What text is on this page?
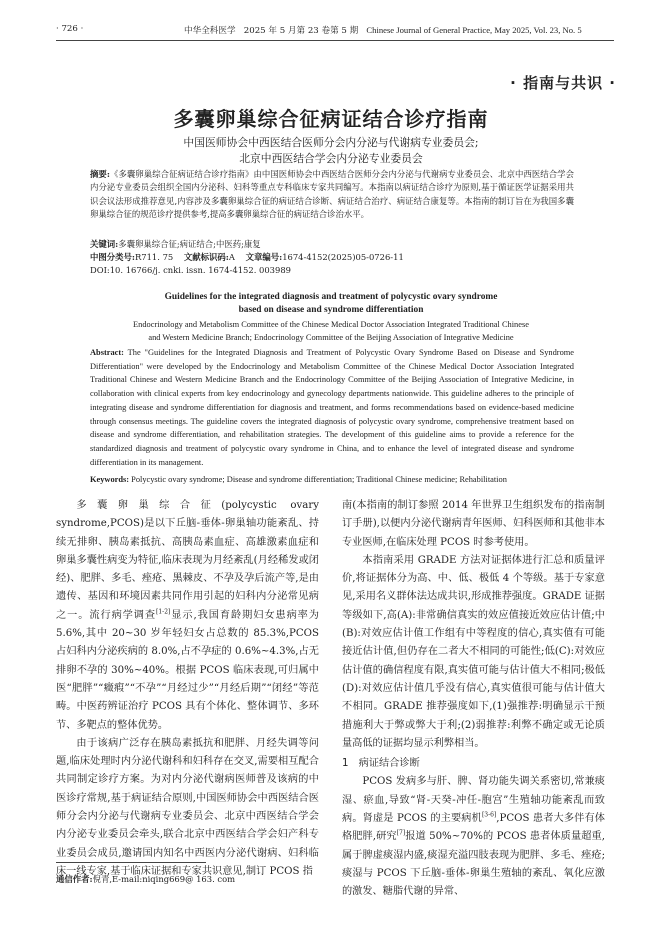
· 726 ·	中华全科医学 2025 年 5 月第 23 卷第 5 期 Chinese Journal of General Practice, May 2025, Vol. 23, No. 5
· 指南与共识 ·
多囊卵巢综合征病证结合诊疗指南
中国医师协会中西医结合医师分会内分泌与代谢病专业委员会;
北京中西医结合学会内分泌专业委员会
摘要:《多囊卵巢综合征病证结合诊疗指南》由中国医师协会中西医结合医师分会内分泌与代谢病专业委员会、北京中西医结合学会内分泌专业委员会组织全国内分泌科、妇科等重点专科临床专家共同编写。本指南以病证结合诊疗为原则,基于循证医学证据采用共识会议法形成推荐意见,内容涉及多囊卵巢综合征的病证结合诊断、病证结合治疗、病证结合康复等。本指南的制订旨在为我国多囊卵巢综合征的规范诊疗提供参考,提高多囊卵巢综合征的病证结合诊治水平。
关键词:多囊卵巢综合征;病证结合;中医药;康复
中图分类号:R711. 75 文献标识码:A 文章编号:1674-4152(2025)05-0726-11
DOI:10. 16766/j. cnki. issn. 1674-4152. 003989
Guidelines for the integrated diagnosis and treatment of polycystic ovary syndrome
based on disease and syndrome differentiation
Endocrinology and Metabolism Committee of the Chinese Medical Doctor Association Integrated Traditional Chinese
and Western Medicine Branch; Endocrinology Committee of the Beijing Association of Integrative Medicine
Abstract: The "Guidelines for the Integrated Diagnosis and Treatment of Polycystic Ovary Syndrome Based on Disease and Syndrome Differentiation" were developed by the Endocrinology and Metabolism Committee of the Chinese Medical Doctor Association Integrated Traditional Chinese and Western Medicine Branch and the Endocrinology Committee of the Beijing Association of Integrative Medicine, in collaboration with clinical experts from key endocrinology and gynecology departments nationwide. This guideline adheres to the principle of integrating disease and syndrome differentiation for diagnosis and treatment, and forms recommendations based on evidence-based medicine through consensus meetings. The guideline covers the integrated diagnosis of polycystic ovary syndrome, comprehensive treatment based on disease and syndrome differentiation, and rehabilitation strategies. The development of this guideline aims to provide a reference for the standardized diagnosis and treatment of polycystic ovary syndrome in China, and to enhance the level of integrated disease and syndrome differentiation in its management.
Keywords: Polycystic ovary syndrome; Disease and syndrome differentiation; Traditional Chinese medicine; Rehabilitation

多囊卵巢综合征(polycystic ovary syndrome,PCOS)是以下丘脑-垂体-卵巢轴功能紊乱、持续无排卵、胰岛素抵抗、高胰岛素血症、高雄激素血症和卵巢多囊性病变为特征,临床表现为月经紊乱(月经稀发或闭经)、肥胖、多毛、痤疮、黑棘皮、不孕及孕后流产等,是由遗传、基因和环境因素共同作用引起的妇科内分泌常见病之一。流行病学调查[1-2]显示,我国育龄期妇女患病率为 5.6%,其中 20~30 岁年轻妇女占总数的 85.3%,PCOS 占妇科内分泌疾病的 8.0%,占不孕症的 0.6%~4.3%,占无排卵不孕的 30%~40%。根据 PCOS 临床表现,可归属中医“肥胖”“癥瘕”“不孕”“月经过少”“月经后期”“闭经”等范畴。中医药辨证治疗 PCOS 具有个体化、整体调节、多环节、多靶点的整体优势。

由于该病广泛存在胰岛素抵抗和肥胖、月经失调等问题,临床处理时内分泌代谢科和妇科存在交叉,需要相互配合共同制定诊疗方案。为对内分泌代谢病医师普及该病的中医诊疗常规,基于病证结合原则,中国医师协会中西医结合医师分会内分泌与代谢病专业委员会、北京中西医结合学会内分泌专业委员会牵头,联合北京中西医结合学会妇产科专业委员会成员,邀请国内知名中西医内分泌代谢病、妇科临床一线专家,基于临床证据和专家共识意见,制订 PCOS 指

南(本指南的制订参照 2014 年世界卫生组织发布的指南制订手册),以便内分泌代谢病青年医师、妇科医师和其他非本专业医师,在临床处理 PCOS 时参考使用。

本指南采用 GRADE 方法对证据体进行汇总和质量评价,将证据体分为高、中、低、极低 4 个等级。基于专家意见,采用名义群体法达成共识,形成推荐强度。GRADE 证据等级如下,高(A):非常确信真实的效应值接近效应估计值;中(B):对效应估计值工作组有中等程度的信心,真实值有可能接近估计值,但仍存在二者大不相同的可能性;低(C):对效应估计值的确信程度有限,真实值可能与估计值大不相同;极低(D):对效应估计值几乎没有信心,真实值很可能与估计值大不相同。GRADE 推荐强度如下,(1)强推荐:明确显示干预措施利大于弊或弊大于利;(2)弱推荐:利弊不确定或无论质量高低的证据均显示利弊相当。

1　病证结合诊断

PCOS 发病多与肝、脾、肾功能失调关系密切,常兼痰湿、瘀血,导致“肾-天癸-冲任-胞宫”生殖轴功能紊乱而致病。肾虚是 PCOS 的主要病机[3-6],PCOS 患者大多伴有体格肥胖,研究[7]报道 50%~70%的 PCOS 患者体质量超重,属于脾虚痰湿内盛,痰湿充溢四肢表现为肥胖、多毛、痤疮;痰湿与 PCOS 下丘脑-垂体-卵巢生殖轴的紊乱、氧化应激的激发、糖脂代谢的异常、

通信作者:倪青,E-mail:niqing669@ 163. com
